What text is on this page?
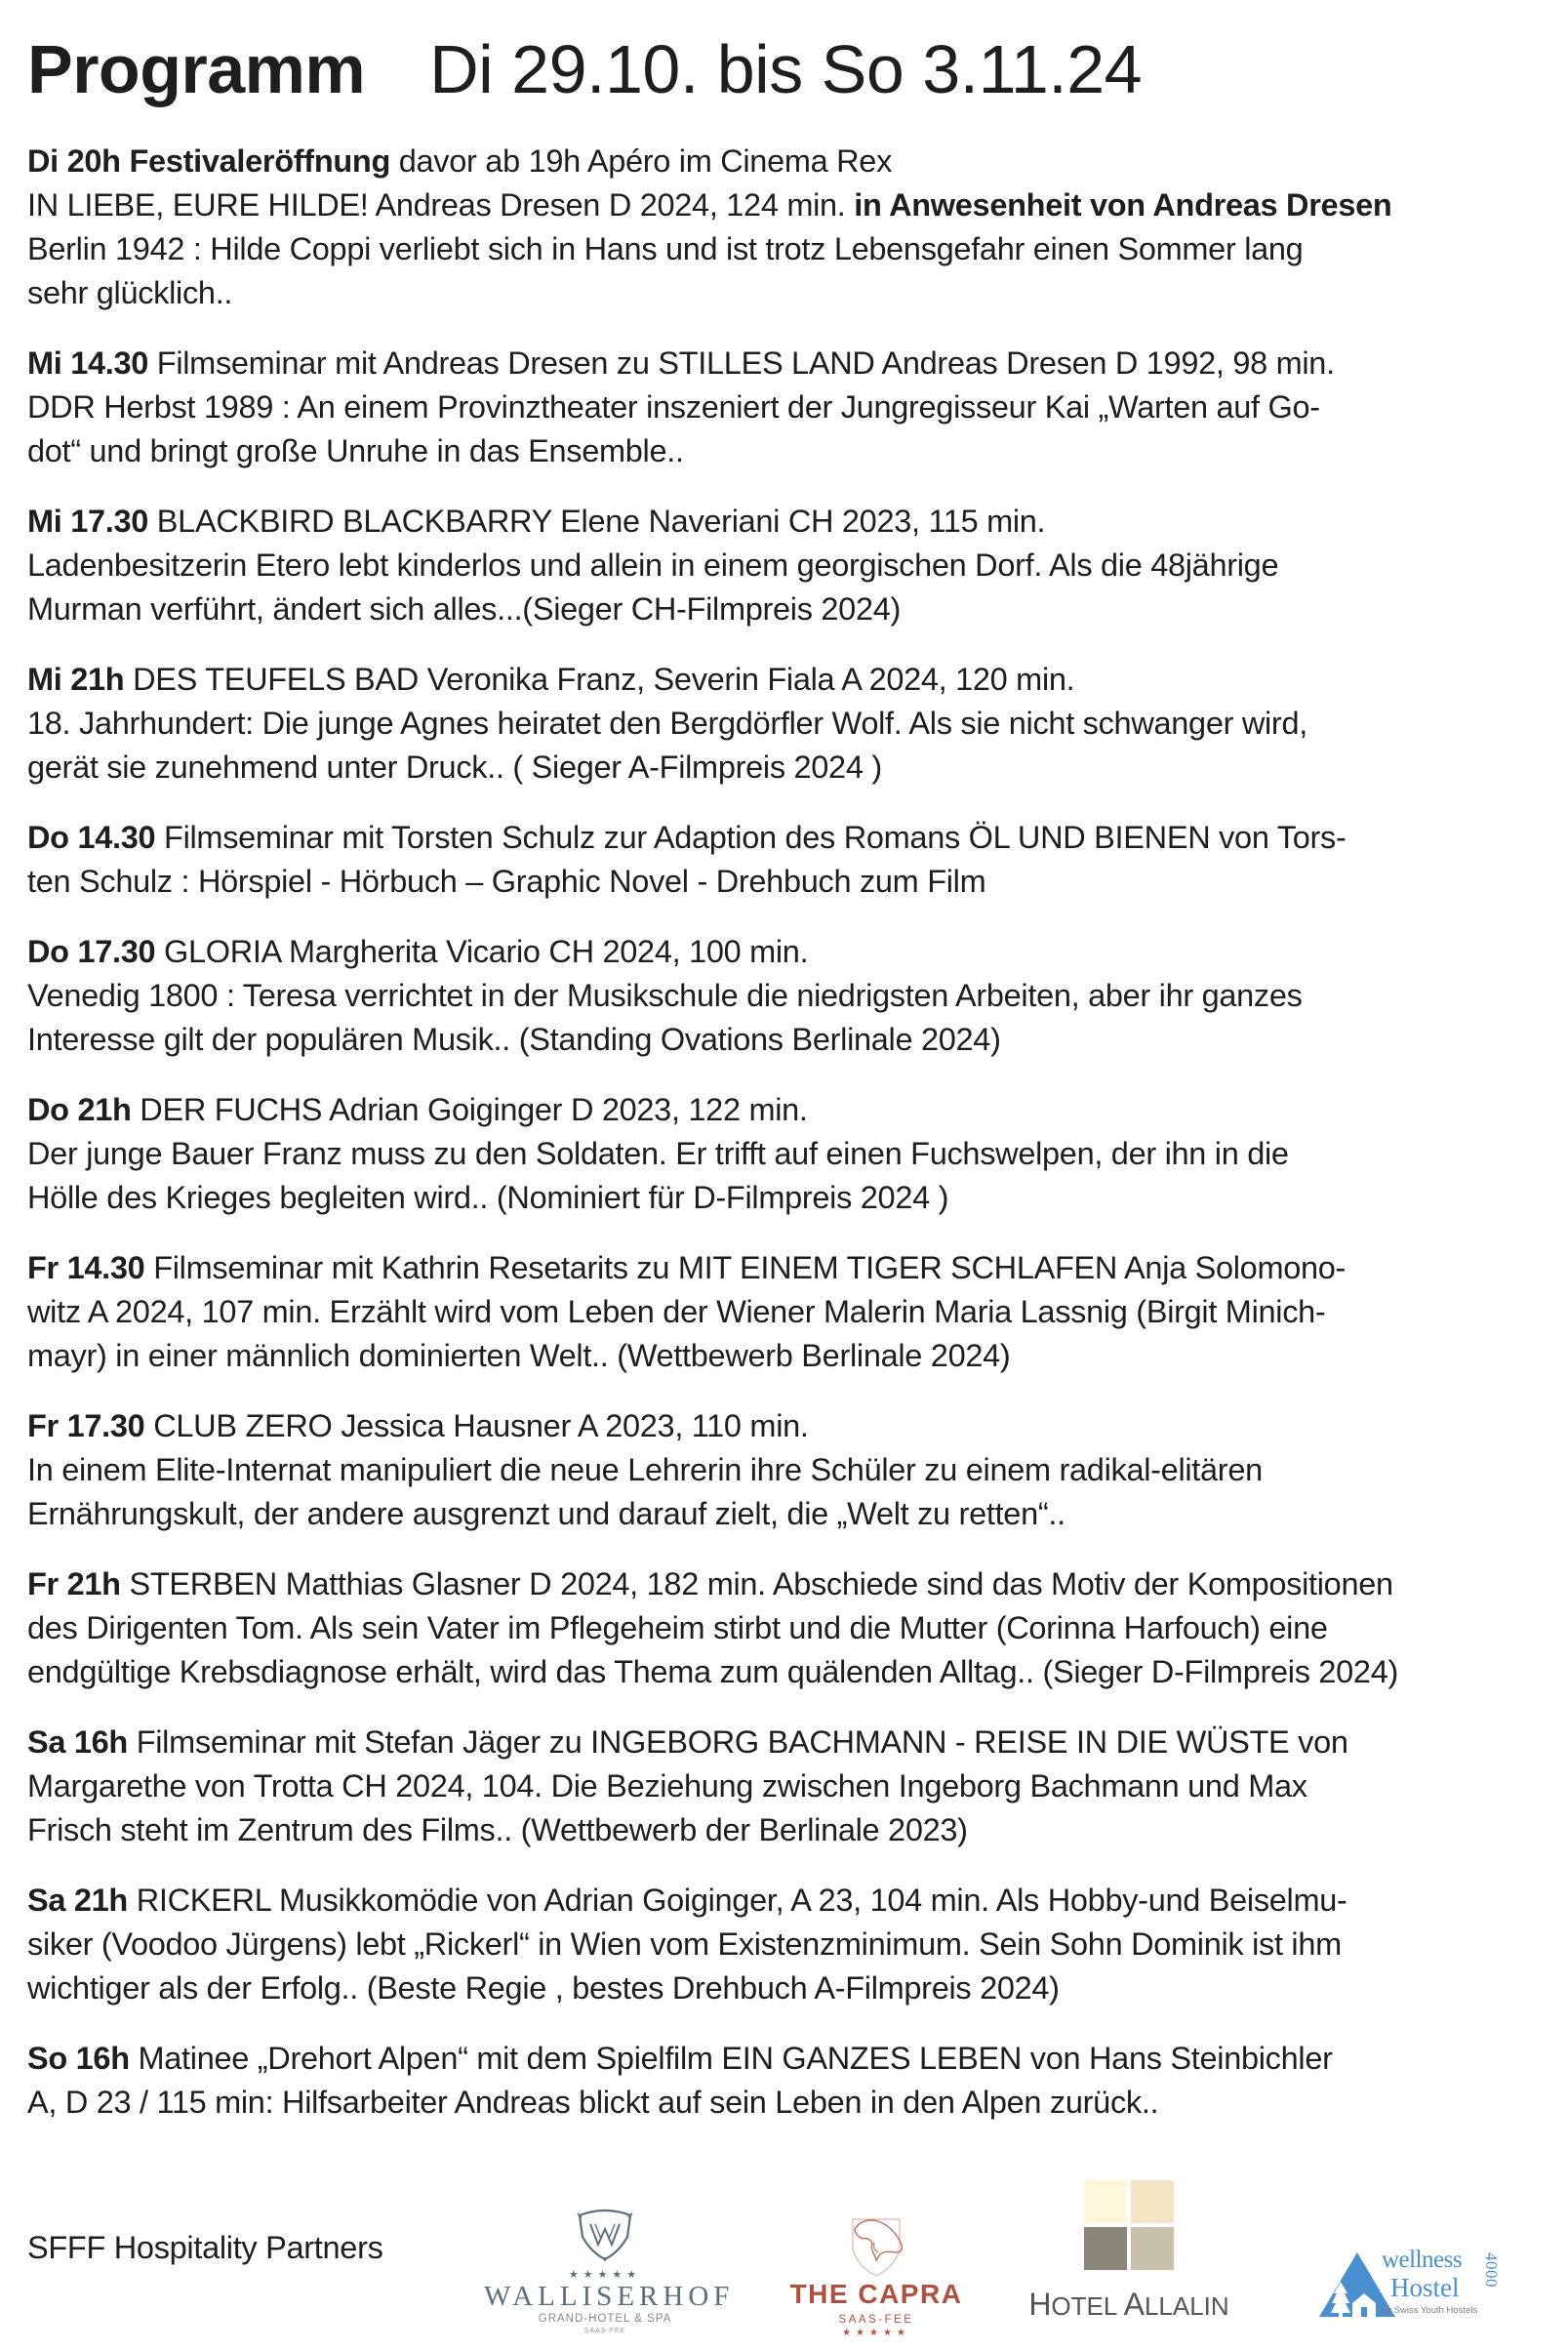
Programm Di 29.10. bis So 3.11.24
Di 20h Festivaleröffnung davor ab 19h Apéro im Cinema Rex
IN LIEBE, EURE HILDE! Andreas Dresen D 2024, 124 min. in Anwesenheit von Andreas Dresen
Berlin 1942 : Hilde Coppi verliebt sich in Hans und ist trotz Lebensgefahr einen Sommer lang
sehr glücklich..
Mi 14.30 Filmseminar mit Andreas Dresen zu STILLES LAND Andreas Dresen D 1992, 98 min.
DDR Herbst 1989 : An einem Provinztheater inszeniert der Jungregisseur Kai „Warten auf Go-
dot“ und bringt große Unruhe in das Ensemble..
Mi 17.30 BLACKBIRD BLACKBARRY Elene Naveriani CH 2023, 115 min.
Ladenbesitzerin Etero lebt kinderlos und allein in einem georgischen Dorf. Als die 48jährige
Murman verführt, ändert sich alles...(Sieger CH-Filmpreis 2024)
Mi 21h DES TEUFELS BAD Veronika Franz, Severin Fiala A 2024, 120 min.
18. Jahrhundert: Die junge Agnes heiratet den Bergdörfler Wolf. Als sie nicht schwanger wird,
gerät sie zunehmend unter Druck.. ( Sieger A-Filmpreis 2024 )
Do 14.30 Filmseminar mit Torsten Schulz zur Adaption des Romans ÖL UND BIENEN von Tors-
ten Schulz : Hörspiel - Hörbuch – Graphic Novel - Drehbuch zum Film
Do 17.30 GLORIA Margherita Vicario CH 2024, 100 min.
Venedig 1800 : Teresa verrichtet in der Musikschule die niedrigsten Arbeiten, aber ihr ganzes
Interesse gilt der populären Musik.. (Standing Ovations Berlinale 2024)
Do 21h DER FUCHS Adrian Goiginger D 2023, 122 min.
Der junge Bauer Franz muss zu den Soldaten. Er trifft auf einen Fuchswelpen, der ihn in die
Hölle des Krieges begleiten wird.. (Nominiert für D-Filmpreis 2024 )
Fr 14.30 Filmseminar mit Kathrin Resetarits zu MIT EINEM TIGER SCHLAFEN Anja Solomono-
witz A 2024, 107 min. Erzählt wird vom Leben der Wiener Malerin Maria Lassnig (Birgit Minich-
mayr) in einer männlich dominierten Welt.. (Wettbewerb Berlinale 2024)
Fr 17.30 CLUB ZERO Jessica Hausner A 2023, 110 min.
In einem Elite-Internat manipuliert die neue Lehrerin ihre Schüler zu einem radikal-elitären
Ernährungskult, der andere ausgrenzt und darauf zielt, die „Welt zu retten“..
Fr 21h STERBEN Matthias Glasner D 2024, 182 min. Abschiede sind das Motiv der Kompositionen
des Dirigenten Tom. Als sein Vater im Pflegeheim stirbt und die Mutter (Corinna Harfouch) eine
endgültige Krebsdiagnose erhält, wird das Thema zum quälenden Alltag.. (Sieger D-Filmpreis 2024)
Sa 16h Filmseminar mit Stefan Jäger zu INGEBORG BACHMANN - REISE IN DIE WÜSTE von
Margarethe von Trotta CH 2024, 104. Die Beziehung zwischen Ingeborg Bachmann und Max
Frisch steht im Zentrum des Films.. (Wettbewerb der Berlinale 2023)
Sa 21h RICKERL Musikkomödie von Adrian Goiginger, A 23, 104 min. Als Hobby-und Beiselmu-
siker (Voodoo Jürgens) lebt „Rickerl“ in Wien vom Existenzminimum. Sein Sohn Dominik ist ihm
wichtiger als der Erfolg.. (Beste Regie , bestes Drehbuch A-Filmpreis 2024)
So 16h Matinee „Drehort Alpen“ mit dem Spielfilm EIN GANZES LEBEN von Hans Steinbichler
A, D 23 / 115 min: Hilfsarbeiter Andreas blickt auf sein Leben in den Alpen zurück..
SFFF Hospitality Partners
★★★★★
WALLISERHOF
GRAND-HOTEL & SPA
SAAS-FEE
THE CAPRA
SAAS-FEE
★★★★★
HOTEL ALLALIN
wellness
Hostel 4000
by Swiss Youth Hostels
